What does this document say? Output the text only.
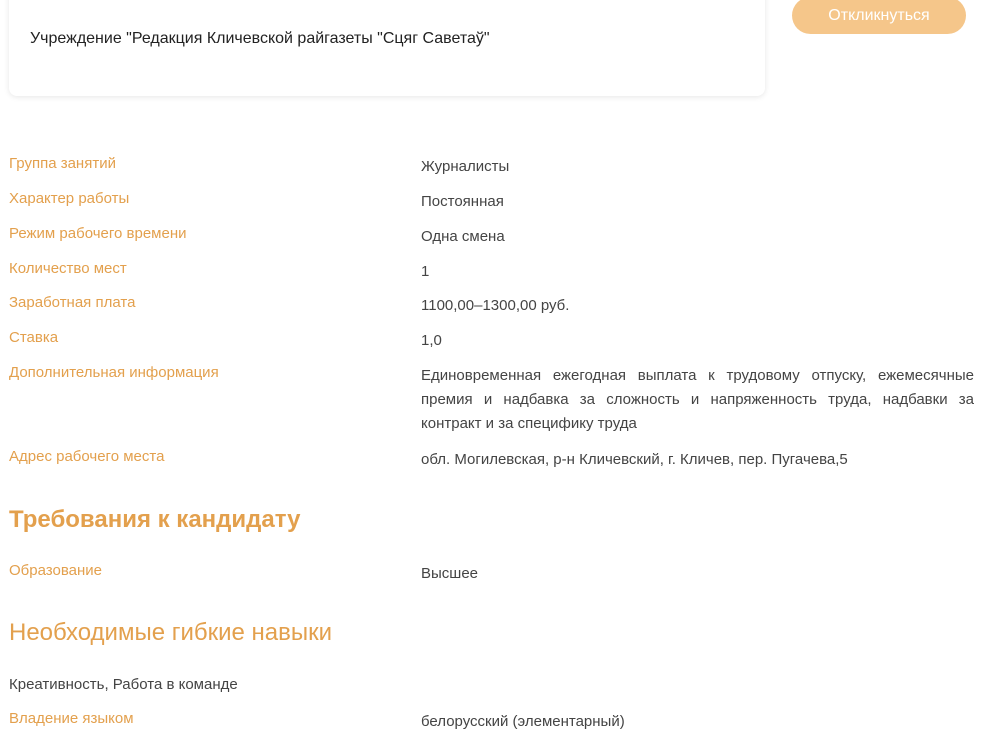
Учреждение "Редакция Кличевской райгазеты "Сцяг Саветаў"
Откликнуться
Группа занятий	Журналисты
Характер работы	Постоянная
Режим рабочего времени	Одна смена
Количество мест	1
Заработная плата	1100,00–1300,00 руб.
Ставка	1,0
Дополнительная информация	Единовременная ежегодная выплата к трудовому отпуску, ежемесячные премия и надбавка за сложность и напряженность труда, надбавки за контракт и за специфику труда
Адрес рабочего места	обл. Могилевская, р-н Кличевский, г. Кличев, пер. Пугачева,5
Требования к кандидату
Образование	Высшее
Необходимые гибкие навыки
Креативность, Работа в команде
Владение языком	белорусский (элементарный)
